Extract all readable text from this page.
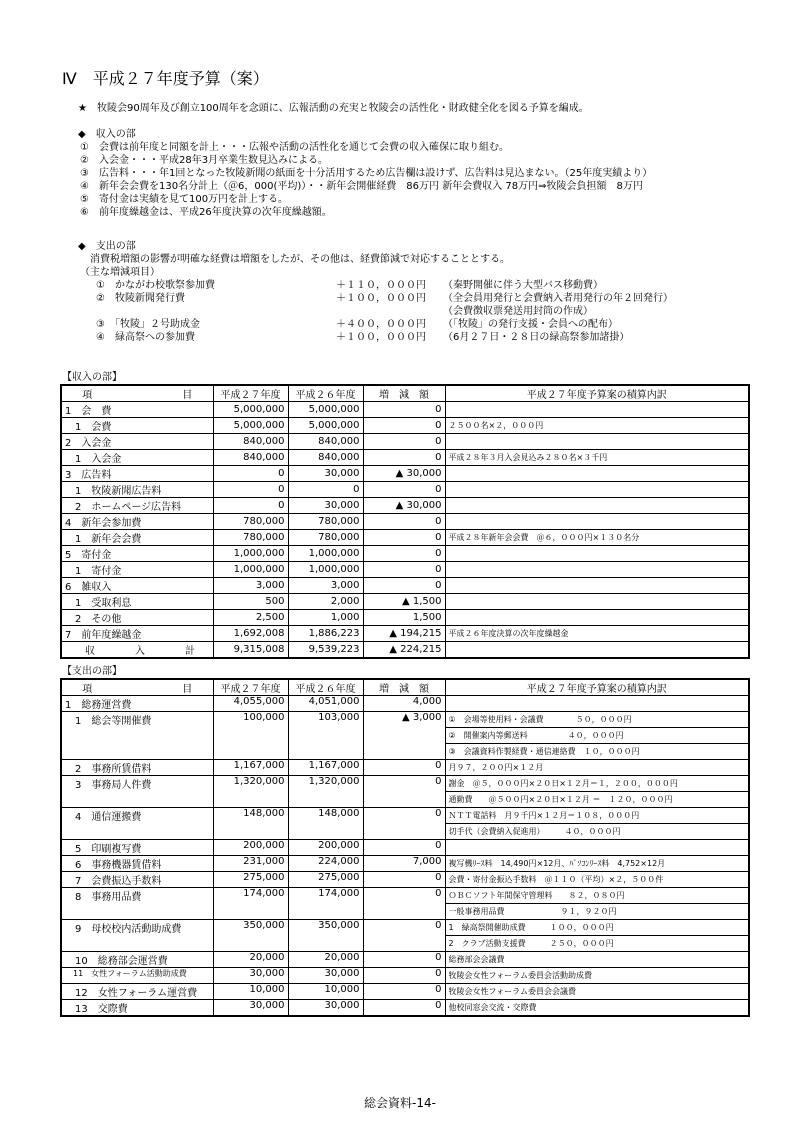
Ⅳ　平成２７年度予算（案）
★　牧陵会90周年及び創立100周年を念頭に、広報活動の充実と牧陵会の活性化・財政健全化を図る予算を編成。
◆　収入の部
①　会費は前年度と同額を計上・・・広報や活動の活性化を通じて会費の収入確保に取り組む。
②　入会金・・・平成28年3月卒業生数見込みによる。
③　広告料・・・年1回となった牧陵新聞の紙面を十分活用するため広告欄は設けず、広告料は見込まない。（25年度実績より）
④　新年会会費を130名分計上（＠6，000(平均)）・・新年会開催経費　86万円 新年会費収入 78万円⇒牧陵会負担額　8万円
⑤　寄付金は実績を見て100万円を計上する。
⑥　前年度繰越金は、平成26年度決算の次年度繰越額。
◆　支出の部
消費税増額の影響が明確な経費は増額をしたが、その他は、経費節減で対応することとする。
（主な増減項目）
①　かながわ校歌祭参加費	＋１１０，０００円 （秦野開催に伴う大型バス移動費）
②　牧陵新聞発行費	＋１００，０００円 （全会員用発行と会費納入者用発行の年２回発行）
（会費徴収票発送用封筒の作成）
③　「牧陵」２号助成金	＋４００，０００円 （「牧陵」の発行支援・会員への配布）
④　緑高祭への参加費	＋１００，０００円 （6月２７日・２８日の緑高祭参加諸掛）
【収入の部】
項　　　　　　　　　目	平成２７年度	平成２６年度	増　減　額	平成２７年度予算案の積算内訳
1　会　費	5,000,000	5,000,000	0	
　1　会費	5,000,000	5,000,000	0	２５００名×２，０００円
2　入会金	840,000	840,000	0	
　1　入会金	840,000	840,000	0	平成２８年３月入会見込み２８０名×３千円
3　広告料	0	30,000	▲ 30,000	
　1　牧陵新聞広告料	0	0	0	
　2　ホームページ広告料	0	30,000	▲ 30,000	
4　新年会参加費	780,000	780,000	0	
　1　新年会会費	780,000	780,000	0	平成２８年新年会会費　＠６，０００円×１３０名分
5　寄付金	1,000,000	1,000,000	0	
　1　寄付金	1,000,000	1,000,000	0	
6　雑収入	3,000	3,000	0	
　1　受取利息	500	2,000	▲ 1,500	
　2　その他	2,500	1,000	1,500	
7　前年度繰越金	1,692,008	1,886,223	▲ 194,215	平成２６年度決算の次年度繰越金
　　収　　　　入　　　　計	9,315,008	9,539,223	▲ 224,215	
【支出の部】
項　　　　　　　　　目	平成２７年度	平成２６年度	増　減　額	平成２７年度予算案の積算内訳
1　総務運営費	4,055,000	4,051,000	4,000	
　1　総会等開催費	100,000	103,000	▲ 3,000	①　会場等使用料・会議費　　　　５０，０００円
				②　開催案内等郵送料　　　　　４０，０００円
				③　会議資料作製経費・通信連絡費　１０，０００円
　2　事務所賃借料	1,167,000	1,167,000	0	月９７，２００円×１２月
　3　事務局人件費	1,320,000	1,320,000	0	謝金　＠５，０００円×２０日×１２月＝１，２００，０００円
				通勤費　　＠５００円×２０日×１２月 ＝　１２０，０００円
　4　通信運搬費	148,000	148,000	0	ＮＴＴ電話料　月９千円×１２月＝１０８，０００円
				切手代（会費納入促進用）　　　４０，０００円
　5　印刷複写費	200,000	200,000	0	
　6　事務機器賃借料	231,000	224,000	7,000	複写機ﾘｰｽ料　14,490円×12月、ﾊﾟｿｺﾝﾘｰｽ料　4,752×12月
　7　会費振込手数料	275,000	275,000	0	会費・寄付金振込手数料　＠１１０（平均）×２，５００件
　8　事務用品費	174,000	174,000	0	ＯＢＣソフト年間保守管理料　　８２，０８０円
				一般事務用品費　　　　　　　９１，９２０円
　9　母校校内活動助成費	350,000	350,000	0	1　緑高祭開催助成費　　　１００，０００円
				2　クラブ活動支援費　　　２５０，０００円
　10　総務部会運営費	20,000	20,000	0	総務部会会議費
　11　女性フォーラム活動助成費	30,000	30,000	0	牧陵会女性フォーラム委員会活動助成費
　12　女性フォーラム運営費	10,000	10,000	0	牧陵会女性フォーラム委員会会議費
　13　交際費	30,000	30,000	0	他校同窓会交流・交際費
総会資料-14-
